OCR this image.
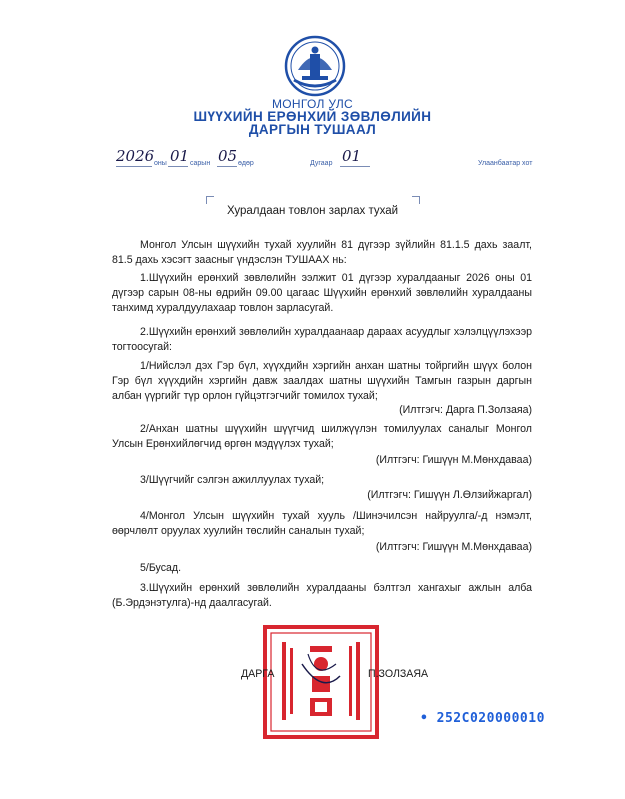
МОНГОЛ УЛС
ШҮҮХИЙН ЕРӨНХИЙ ЗӨВЛӨЛИЙН
ДАРГЫН ТУШААЛ
2026 оны 01 сарын 05 өдөр	Дугаар 01	Улаанбаатар хот
Хуралдаан товлон зарлах тухай
Монгол Улсын шүүхийн тухай хуулийн 81 дүгээр зүйлийн 81.1.5 дахь заалт, 81.5 дахь хэсэгт заасныг үндэслэн ТУШААХ нь:
1.Шүүхийн ерөнхий зөвлөлийн ээлжит 01 дүгээр хуралдааныг 2026 оны 01 дүгээр сарын 08-ны өдрийн 09.00 цагаас Шүүхийн ерөнхий зөвлөлийн хуралдааны танхимд хуралдуулахаар товлон зарласугай.
2.Шүүхийн ерөнхий зөвлөлийн хуралдаанаар дараах асуудлыг хэлэлцүүлэхээр тогтоосугай:
1/Нийслэл дэх Гэр бүл, хүүхдийн хэргийн анхан шатны тойргийн шүүх болон Гэр бүл хүүхдийн хэргийн давж заалдах шатны шүүхийн Тамгын газрын даргын албан үүргийг түр орлон гүйцэтгэгчийг томилох тухай;
(Илтгэгч: Дарга П.Золзаяа)
2/Анхан шатны шүүхийн шүүгчид шилжүүлэн томилуулах саналыг Монгол Улсын Ерөнхийлөгчид өргөн мэдүүлэх тухай;
(Илтгэгч: Гишүүн М.Мөнхдаваа)
3/Шүүгчийг сэлгэн ажиллуулах тухай;
(Илтгэгч: Гишүүн Л.Өлзийжаргал)
4/Монгол Улсын шүүхийн тухай хууль /Шинэчилсэн найруулга/-д нэмэлт, өөрчлөлт оруулах хуулийн төслийн саналын тухай;
(Илтгэгч: Гишүүн М.Мөнхдаваа)
5/Бусад.
3.Шүүхийн ерөнхий зөвлөлийн хуралдааны бэлтгэл хангахыг ажлын алба (Б.Эрдэнэтулга)-нд даалгасугай.
ДАРГА	П.ЗОЛЗАЯА
• 252С020000010
